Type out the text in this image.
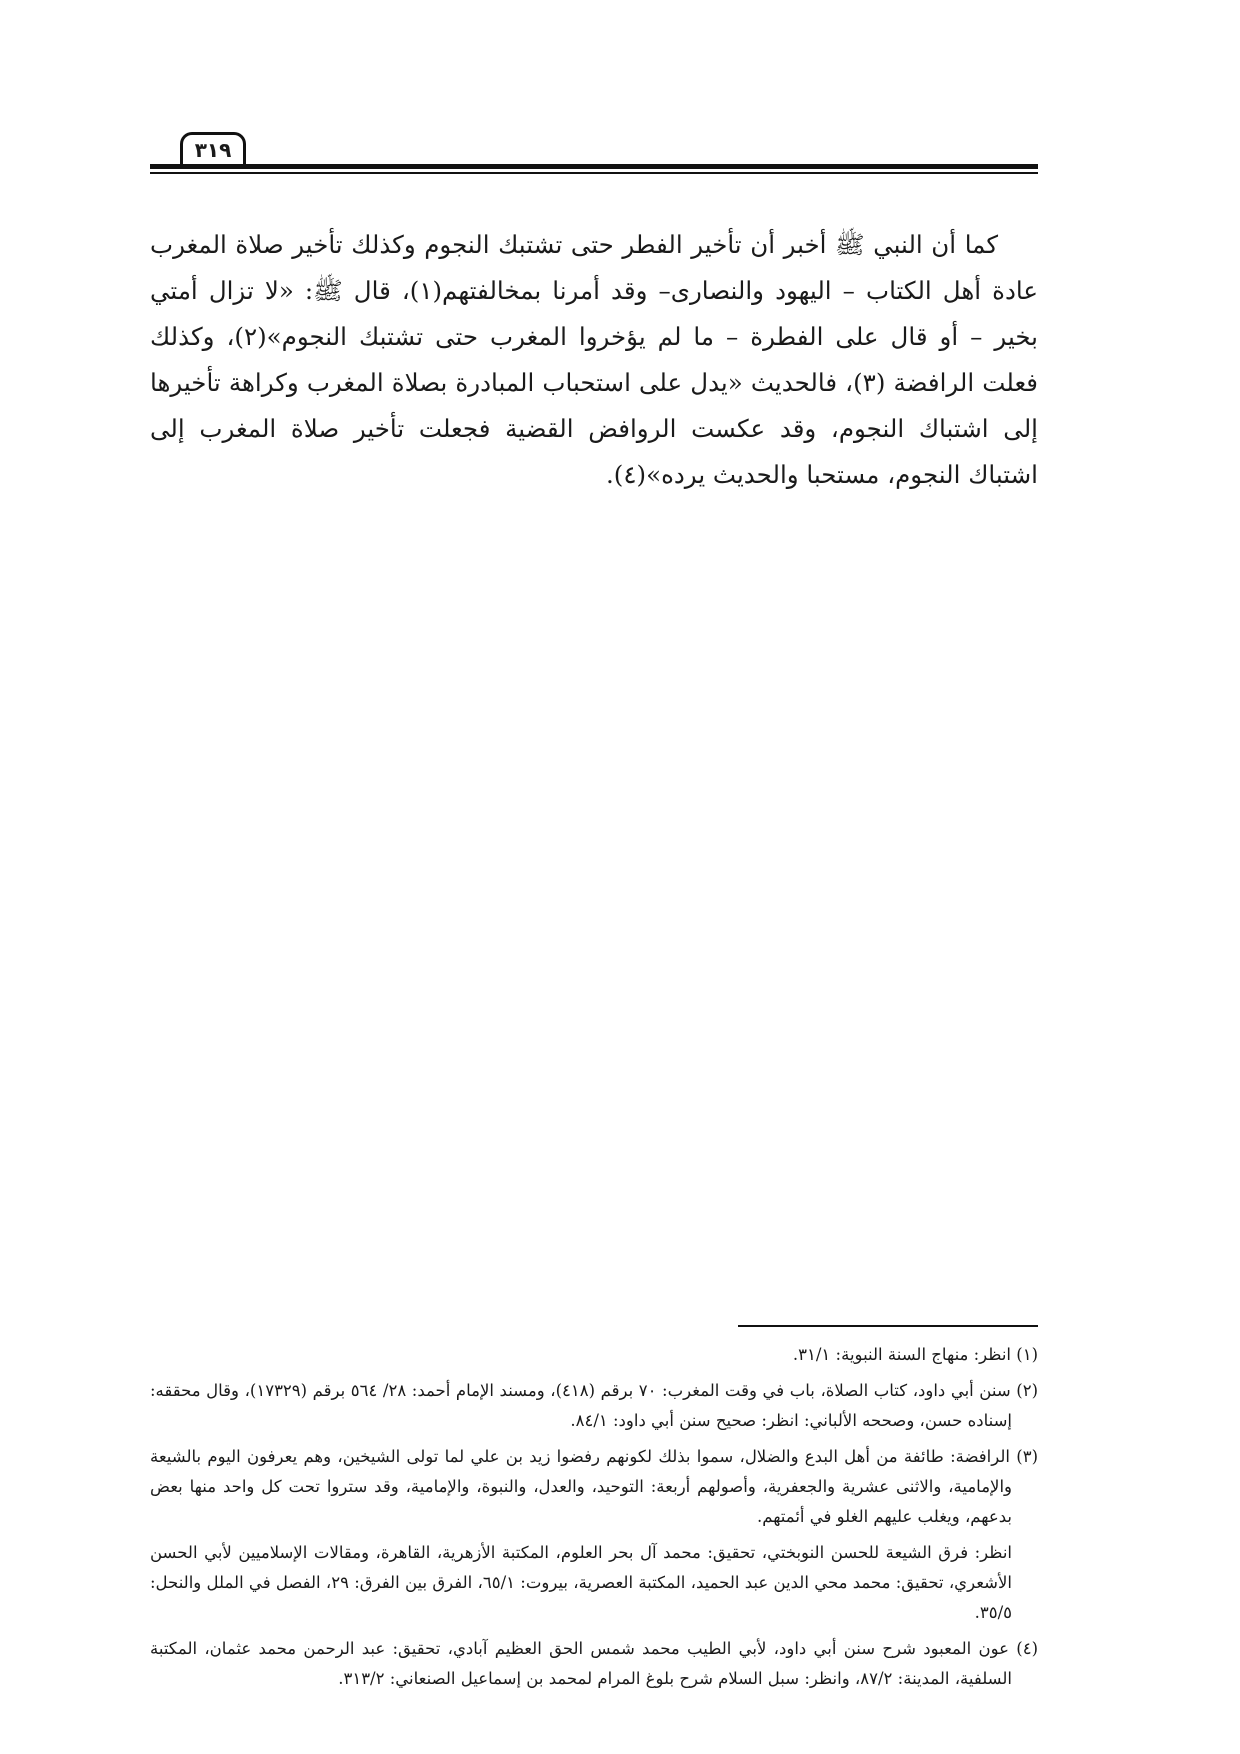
٣١٩

كما أن النبي ﷺ أخبر أن تأخير الفطر حتى تشتبك النجوم وكذلك تأخير صلاة المغرب عادة أهل الكتاب – اليهود والنصارى– وقد أمرنا بمخالفتهم(١)، قال ﷺ: «لا تزال أمتي بخير – أو قال على الفطرة – ما لم يؤخروا المغرب حتى تشتبك النجوم»(٢)، وكذلك فعلت الرافضة (٣)، فالحديث «يدل على استحباب المبادرة بصلاة المغرب وكراهة تأخيرها إلى اشتباك النجوم، وقد عكست الروافض القضية فجعلت تأخير صلاة المغرب إلى اشتباك النجوم، مستحبا والحديث يرده»(٤).

(١) انظر: منهاج السنة النبوية: ٣١/١.

(٢) سنن أبي داود، كتاب الصلاة، باب في وقت المغرب: ٧٠ برقم (٤١٨)، ومسند الإمام أحمد: ٢٨/ ٥٦٤ برقم (١٧٣٢٩)، وقال محققه: إسناده حسن، وصححه الألباني: انظر: صحيح سنن أبي داود: ٨٤/١.

(٣) الرافضة: طائفة من أهل البدع والضلال، سموا بذلك لكونهم رفضوا زيد بن علي لما تولى الشيخين، وهم يعرفون اليوم بالشيعة والإمامية، والاثنى عشرية والجعفرية، وأصولهم أربعة: التوحيد، والعدل، والنبوة، والإمامية، وقد ستروا تحت كل واحد منها بعض بدعهم، ويغلب عليهم الغلو في أئمتهم.

انظر: فرق الشيعة للحسن النوبختي، تحقيق: محمد آل بحر العلوم، المكتبة الأزهرية، القاهرة، ومقالات الإسلاميين لأبي الحسن الأشعري، تحقيق: محمد محي الدين عبد الحميد، المكتبة العصرية، بيروت: ٦٥/١، الفرق بين الفرق: ٢٩، الفصل في الملل والنحل: ٣٥/٥.

(٤) عون المعبود شرح سنن أبي داود، لأبي الطيب محمد شمس الحق العظيم آبادي، تحقيق: عبد الرحمن محمد عثمان، المكتبة السلفية، المدينة: ٨٧/٢، وانظر: سبل السلام شرح بلوغ المرام لمحمد بن إسماعيل الصنعاني: ٣١٣/٢.
